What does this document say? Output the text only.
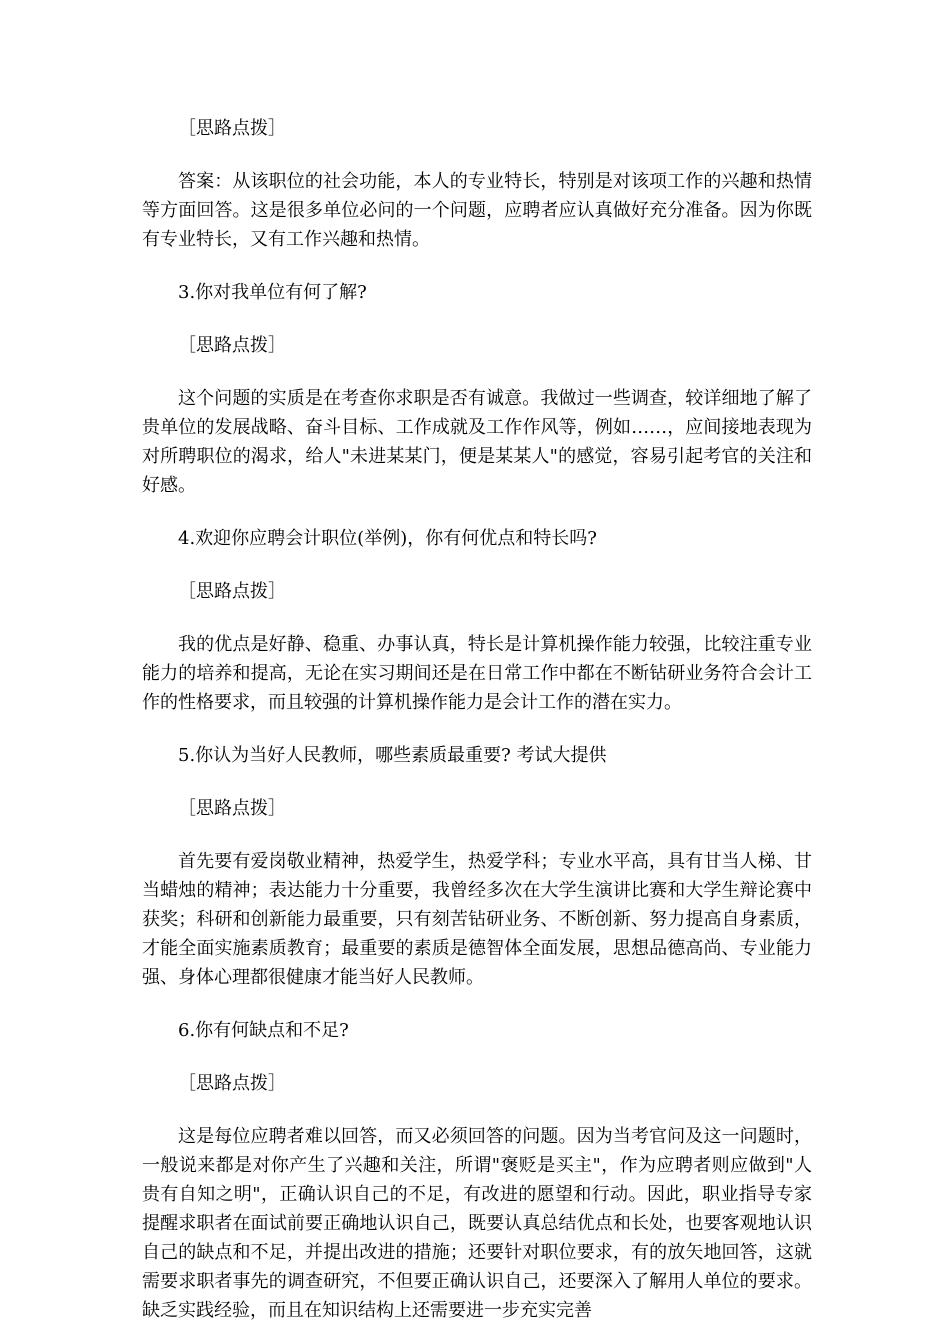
［思路点拨］

答案：从该职位的社会功能，本人的专业特长，特别是对该项工作的兴趣和热情等方面回答。这是很多单位必问的一个问题，应聘者应认真做好充分准备。因为你既有专业特长，又有工作兴趣和热情。

3.你对我单位有何了解?

［思路点拨］

这个问题的实质是在考查你求职是否有诚意。我做过一些调查，较详细地了解了贵单位的发展战略、奋斗目标、工作成就及工作作风等，例如……，应间接地表现为对所聘职位的渴求，给人"未进某某门，便是某某人"的感觉，容易引起考官的关注和好感。

4.欢迎你应聘会计职位(举例)，你有何优点和特长吗?

［思路点拨］

我的优点是好静、稳重、办事认真，特长是计算机操作能力较强，比较注重专业能力的培养和提高，无论在实习期间还是在日常工作中都在不断钻研业务符合会计工作的性格要求，而且较强的计算机操作能力是会计工作的潜在实力。

5.你认为当好人民教师，哪些素质最重要? 考试大提供

［思路点拨］

首先要有爱岗敬业精神，热爱学生，热爱学科；专业水平高，具有甘当人梯、甘当蜡烛的精神；表达能力十分重要，我曾经多次在大学生演讲比赛和大学生辩论赛中获奖；科研和创新能力最重要，只有刻苦钻研业务、不断创新、努力提高自身素质，才能全面实施素质教育；最重要的素质是德智体全面发展，思想品德高尚、专业能力强、身体心理都很健康才能当好人民教师。

6.你有何缺点和不足?

［思路点拨］

这是每位应聘者难以回答，而又必须回答的问题。因为当考官问及这一问题时，一般说来都是对你产生了兴趣和关注，所谓"褒贬是买主"，作为应聘者则应做到"人贵有自知之明"，正确认识自己的不足，有改进的愿望和行动。因此，职业指导专家提醒求职者在面试前要正确地认识自己，既要认真总结优点和长处，也要客观地认识自己的缺点和不足，并提出改进的措施；还要针对职位要求，有的放矢地回答，这就需要求职者事先的调查研究，不但要正确认识自己，还要深入了解用人单位的要求。缺乏实践经验，而且在知识结构上还需要进一步充实完善
